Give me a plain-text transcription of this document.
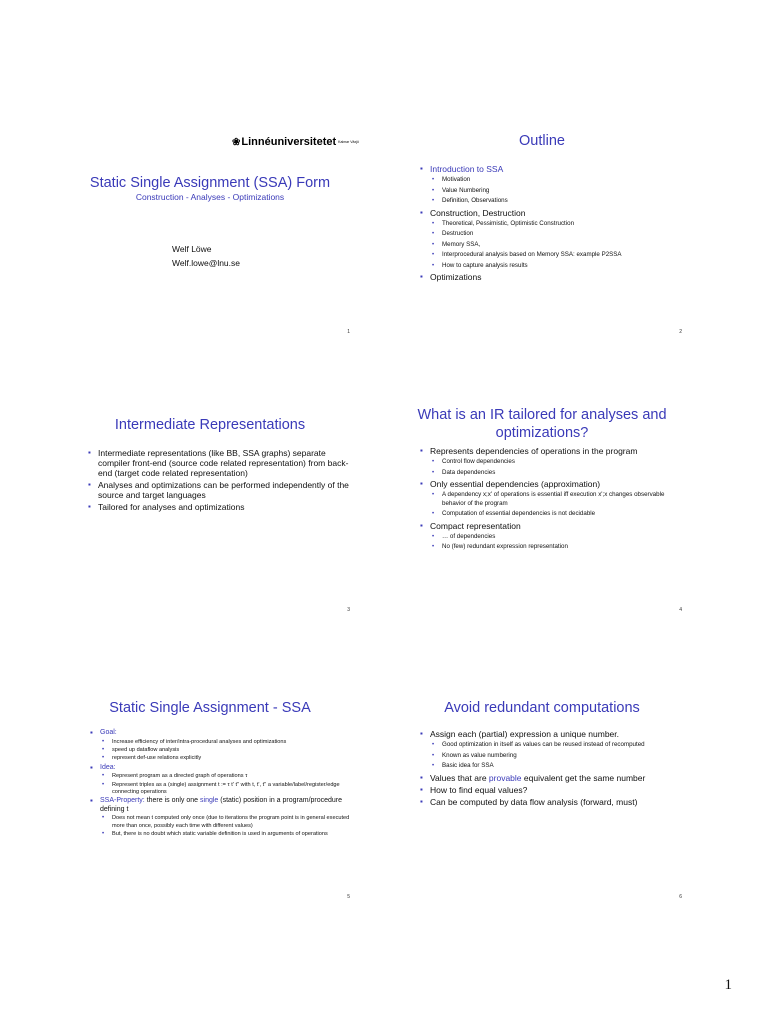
❀Linnéuniversitetet Kalmar Växjö
Static Single Assignment (SSA) Form
Construction - Analyses - Optimizations
Welf Löwe
Welf.lowe@lnu.se
1
Outline
▪ Introduction to SSA
• Motivation
• Value Numbering
• Definition, Observations
▪ Construction, Destruction
• Theoretical, Pessimistic, Optimistic Construction
• Destruction
• Memory SSA,
• Interprocedural analysis based on Memory SSA: example P2SSA
• How to capture analysis results
▪ Optimizations
2
Intermediate Representations
▪ Intermediate representations (like BB, SSA graphs) separate compiler front-end (source code related representation) from back-end (target code related representation)
▪ Analyses and optimizations can be performed independently of the source and target languages
▪ Tailored for analyses and optimizations
3
What is an IR tailored for analyses and optimizations?
▪ Represents dependencies of operations in the program
• Control flow dependencies
• Data dependencies
▪ Only essential dependencies (approximation)
• A dependency x;x' of operations is essential iff execution x';x changes observable behavior of the program
• Computation of essential dependencies is not decidable
▪ Compact representation
• … of dependencies
• No (few) redundant expression representation
4
Static Single Assignment - SSA
▪ Goal:
• Increase efficiency of inter/intra-procedural analyses and optimizations
• speed up dataflow analysis
• represent def-use relations explicitly
▪ Idea:
• Represent program as a directed graph of operations τ
• Represent triples as a (single) assignment t := τ t' t'' with t, t', t'' a variable/label/register/edge connecting operations
▪ SSA-Property: there is only one single (static) position in a program/procedure defining t
• Does not mean t computed only once (due to iterations the program point is in general executed more than once, possibly each time with different values)
• But, there is no doubt which static variable definition is used in arguments of operations
5
Avoid redundant computations
▪ Assign each (partial) expression a unique number.
• Good optimization in itself as values can be reused instead of recomputed
• Known as value numbering
• Basic idea for SSA
▪ Values that are provable equivalent get the same number
▪ How to find equal values?
▪ Can be computed by data flow analysis (forward, must)
6
1
